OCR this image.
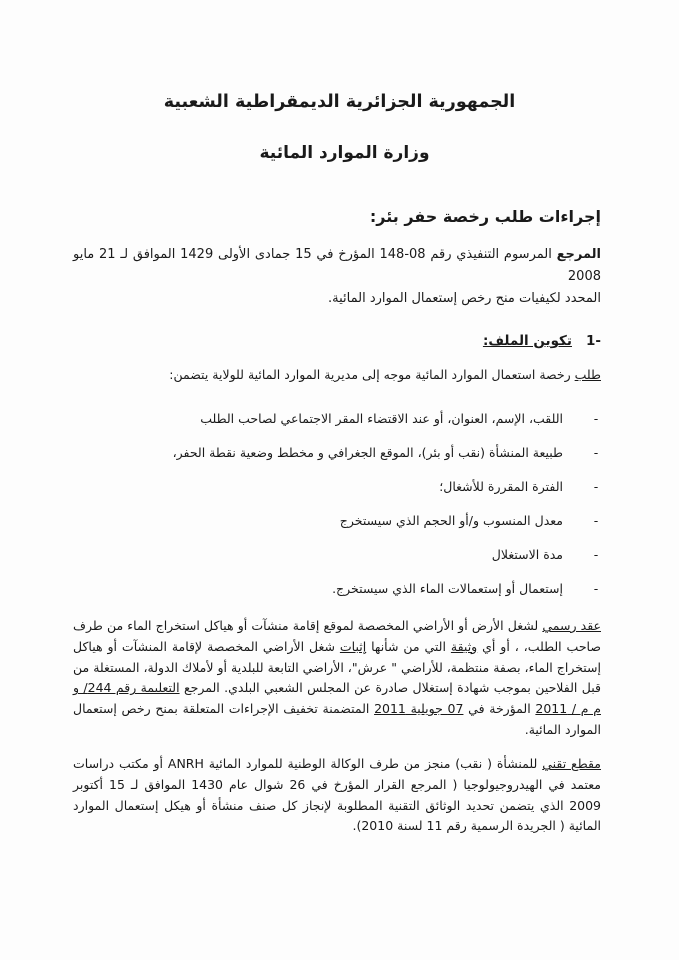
الجمهورية الجزائرية الديمقراطية الشعبية
وزارة الموارد المائية
إجراءات طلب رخصة حفر بئر:
المرجع المرسوم التنفيذي رقم 08-148 المؤرخ في 15 جمادى الأولى 1429 الموافق لـ 21 مايو 2008
المحدد لكيفيات منح رخص إستعمال الموارد المائية.
-1
تكوين الملف:
طلب رخصة استعمال الموارد المائية موجه إلى مديرية الموارد المائية للولاية يتضمن:
-
اللقب، الإسم، العنوان، أو عند الاقتضاء المقر الاجتماعي لصاحب الطلب
-
طبيعة المنشأة (نقب أو بئر)، الموقع الجغرافي و مخطط وضعية نقطة الحفر،
-
الفترة المقررة للأشغال؛
-
معدل المنسوب و/أو الحجم الذي سيستخرج
-
مدة الاستغلال
-
إستعمال أو إستعمالات الماء الذي سيستخرج.
عقد رسمي لشغل الأرض أو الأراضي المخصصة لموقع إقامة منشآت أو هياكل استخراج الماء من طرف صاحب الطلب، ، أو أي وثيقة التي من شأنها إثبات شغل الأراضي المخصصة لإقامة المنشآت أو هياكل إستخراج الماء، بصفة منتظمة، للأراضي " عرش"، الأراضي التابعة للبلدية أو لأملاك الدولة، المستغلة من قبل الفلاحين بموجب شهادة إستغلال صادرة عن المجلس الشعبي البلدي. المرجع التعليمة رقم 244/ و م م / 2011 المؤرخة في 07 جويلية 2011 المتضمنة تخفيف الإجراءات المتعلقة بمنح رخص إستعمال الموارد المائية.
مقطع تقني للمنشأة ( نقب) منجز من طرف الوكالة الوطنية للموارد المائية ANRH أو مكتب دراسات معتمد في الهيدروجيولوجيا ( المرجع القرار المؤرخ في 26 شوال عام 1430 الموافق لـ 15 أكتوبر 2009 الذي يتضمن تحديد الوثائق التقنية المطلوبة لإنجاز كل صنف منشأة أو هيكل إستعمال الموارد المائية ( الجريدة الرسمية رقم 11 لسنة 2010).
